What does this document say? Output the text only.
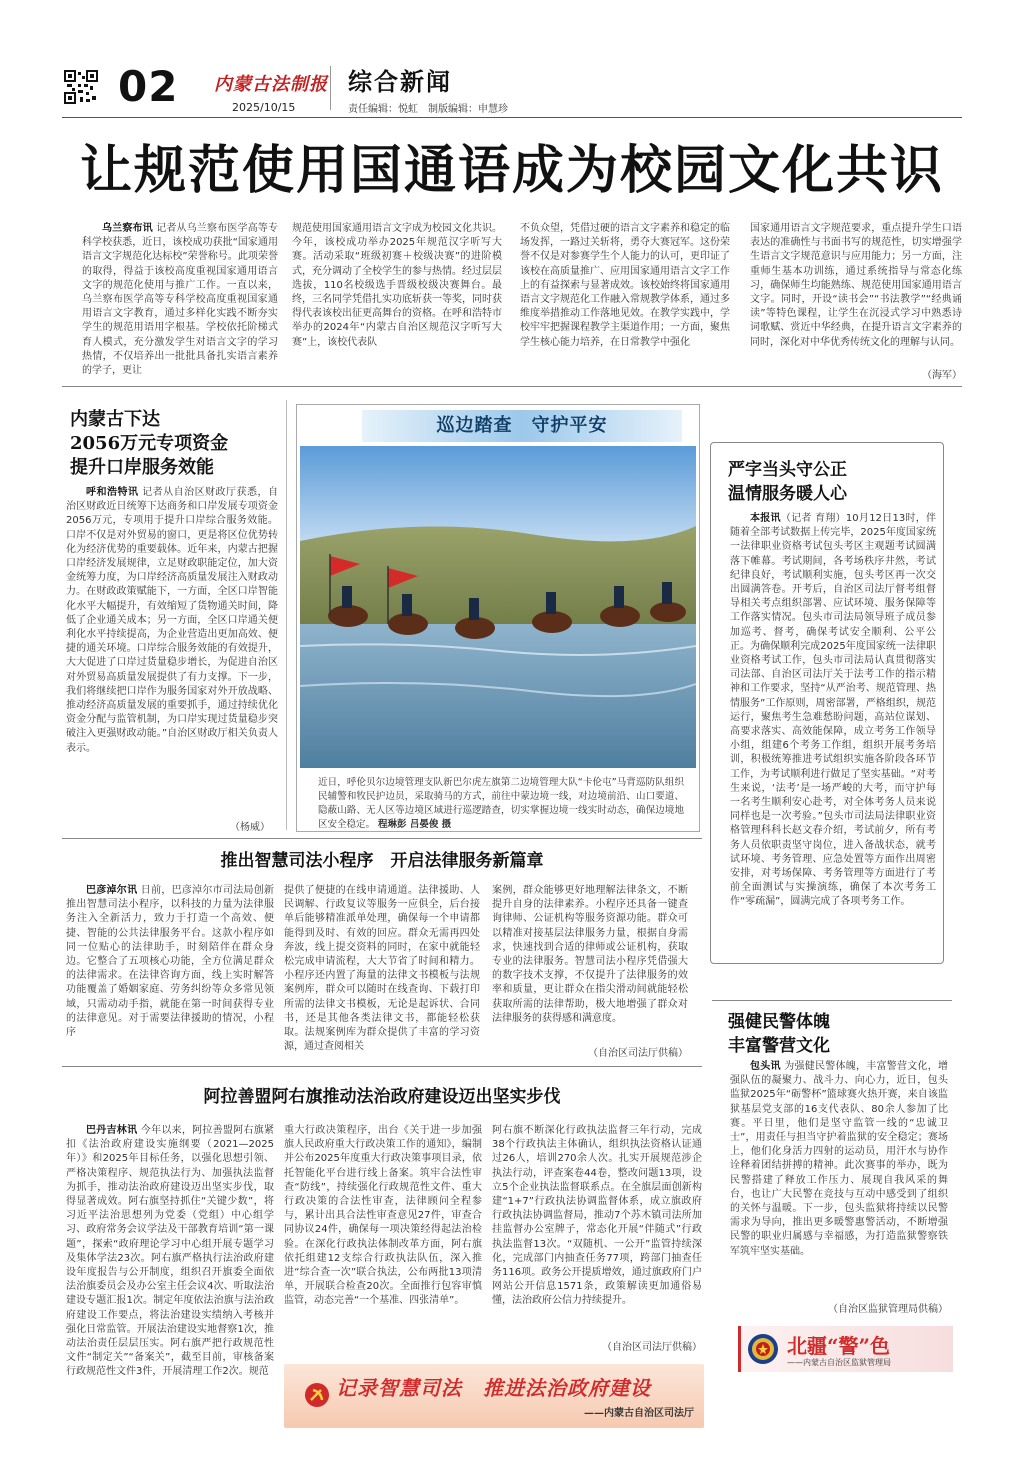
02 内蒙古法制报
2025/10/15
综合新闻
责任编辑：悦虹　制版编辑：申慧珍
让规范使用国通语成为校园文化共识

乌兰察布讯 记者从乌兰察布医学高等专科学校获悉，近日，该校成功获批“国家通用语言文字规范化达标校”荣誉称号。此项荣誉的取得，得益于该校高度重视国家通用语言文字的规范化使用与推广工作。一直以来，乌兰察布医学高等专科学校高度重视国家通用语言文字教育，通过多样化实践不断夯实学生的规范用语用字根基。学校依托阶梯式育人模式，充分激发学生对语言文字的学习热情，不仅培养出一批批具备扎实语言素养的学子，更让

规范使用国家通用语言文字成为校园文化共识。今年，该校成功举办2025年规范汉字听写大赛。活动采取“班级初赛＋校级决赛”的进阶模式，充分调动了全校学生的参与热情。经过层层选拔，110名校级选手晋级校级决赛舞台。最终，三名同学凭借扎实功底斩获一等奖，同时获得代表该校出征更高舞台的资格。在呼和浩特市举办的2024年“内蒙古自治区规范汉字听写大赛”上，该校代表队

不负众望，凭借过硬的语言文字素养和稳定的临场发挥，一路过关斩将，勇夺大赛冠军。这份荣誉不仅是对参赛学生个人能力的认可，更印证了该校在高质量推广、应用国家通用语言文字工作上的有益探索与显著成效。该校始终将国家通用语言文字规范化工作融入常规教学体系，通过多维度举措推动工作落地见效。在教学实践中，学校牢牢把握课程教学主渠道作用；一方面，聚焦学生核心能力培养，在日常教学中强化

国家通用语言文字规范要求，重点提升学生口语表达的准确性与书面书写的规范性，切实增强学生语言文字规范意识与应用能力；另一方面，注重师生基本功训练，通过系统指导与常态化练习，确保师生均能熟练、规范使用国家通用语言文字。同时，开设“读书会”“书法教学”“经典诵读”等特色课程，让学生在沉浸式学习中熟悉诗词歌赋、赏近中华经典，在提升语言文字素养的同时，深化对中华优秀传统文化的理解与认同。

（海军）
内蒙古下达
2056万元专项资金
提升口岸服务效能

呼和浩特讯 记者从自治区财政厅获悉，自治区财政近日统筹下达商务和口岸发展专项资金2056万元，专项用于提升口岸综合服务效能。口岸不仅是对外贸易的窗口，更是将区位优势转化为经济优势的重要载体。近年来，内蒙古把握口岸经济发展规律，立足财政职能定位，加大资金统筹力度，为口岸经济高质量发展注入财政动力。在财政政策赋能下，一方面，全区口岸智能化水平大幅提升，有效缩短了货物通关时间，降低了企业通关成本；另一方面，全区口岸通关便利化水平持续提高，为企业营造出更加高效、便捷的通关环境。口岸综合服务效能的有效提升，大大促进了口岸过货量稳步增长，为促进自治区对外贸易高质量发展提供了有力支撑。下一步，我们将继续把口岸作为服务国家对外开放战略、推动经济高质量发展的重要抓手，通过持续优化资金分配与监管机制，为口岸实现过货量稳步突破注入更强财政动能。”自治区财政厅相关负责人表示。

（杨威）
巡边踏查　守护平安
近日，呼伦贝尔边境管理支队新巴尔虎左旗第二边境管理大队“卡伦屯”马背巡防队组织民辅警和牧民护边员，采取骑马的方式，前往中蒙边境一线，对边境前沿、山口要道、隐蔽山路、无人区等边境区域进行巡逻踏查，切实掌握边境一线实时动态，确保边境地区安全稳定。 程琳彭 吕晏俊 摄
严字当头守公正
温情服务暖人心

本报讯（记者 育翔）10月12日13时，伴随着全部考试数据上传完毕，2025年度国家统一法律职业资格考试包头考区主观题考试圆满落下帷幕。考试期间，各考场秩序井然，考试纪律良好，考试顺利实施，包头考区再一次交出圆满答卷。开考后，自治区司法厅督考组督导相关考点组织部署、应试环境、服务保障等工作落实情况。包头市司法局领导班子成员参加巡考、督考，确保考试安全顺利、公平公正。为确保顺利完成2025年度国家统一法律职业资格考试工作，包头市司法局认真贯彻落实司法部、自治区司法厅关于法考工作的指示精神和工作要求，坚持“从严治考、规范管理、热情服务”工作原则，周密部署，严格组织，规范运行，聚焦考生急难愁盼问题，高站位谋划、高要求落实、高效能保障，成立考务工作领导小组，组建6个考务工作组，组织开展考务培训，积极统筹推进考试组织实施各阶段各环节工作，为考试顺利进行做足了坚实基础。“对考生来说，‘法考’是一场严峻的大考，而守护每一名考生顺利安心赴考，对全体考务人员来说同样也是一次考验。”包头市司法局法律职业资格管理科科长赵文春介绍，考试前夕，所有考务人员依职责坚守岗位，进入备战状态，就考试环境、考务管理、应急处置等方面作出周密安排，对考场保障、考务管理等方面进行了考前全面测试与实操演练，确保了本次考务工作“零疏漏”，圆满完成了各项考务工作。

推出智慧司法小程序　开启法律服务新篇章

巴彦淖尔讯 日前，巴彦淖尔市司法局创新推出智慧司法小程序，以科技的力量为法律服务注入全新活力，致力于打造一个高效、便捷、智能的公共法律服务平台。这款小程序如同一位贴心的法律助手，时刻陪伴在群众身边。它整合了五项核心功能，全方位满足群众的法律需求。在法律咨询方面，线上实时解答功能覆盖了婚姻家庭、劳务纠纷等众多常见领域，只需动动手指，就能在第一时间获得专业的法律意见。对于需要法律援助的情况，小程序

提供了便捷的在线申请通道。法律援助、人民调解、行政复议等服务一应俱全，后台接单后能够精准派单处理，确保每一个申请都能得到及时、有效的回应。群众无需再四处奔波，线上提交资料的同时，在家中就能轻松完成申请流程，大大节省了时间和精力。小程序还内置了海量的法律文书模板与法规案例库，群众可以随时在线查询、下载打印所需的法律文书模板，无论是起诉状、合同书，还是其他各类法律文书，都能轻松获取。法规案例库为群众提供了丰富的学习资源，通过查阅相关

案例，群众能够更好地理解法律条文，不断提升自身的法律素养。小程序还具备一键查询律师、公证机构等服务资源功能。群众可以精准对接基层法律服务力量，根据自身需求，快速找到合适的律师或公证机构，获取专业的法律服务。智慧司法小程序凭借强大的数字技术支撑，不仅提升了法律服务的效率和质量，更让群众在指尖滑动间就能轻松获取所需的法律帮助，极大地增强了群众对法律服务的获得感和满意度。

（自治区司法厅供稿）
强健民警体魄
丰富警营文化

包头讯 为强健民警体魄，丰富警营文化，增强队伍的凝聚力、战斗力、向心力，近日，包头监狱2025年“砺警杯”篮球赛火热开赛，来自该监狱基层党支部的16支代表队、80余人参加了比赛。平日里，他们是坚守监管一线的“忠诚卫士”，用责任与担当守护着监狱的安全稳定；赛场上，他们化身活力四射的运动员，用汗水与协作诠释着团结拼搏的精神。此次赛事的举办，既为民警搭建了释放工作压力、展现自我风采的舞台，也让广大民警在竞技与互动中感受到了组织的关怀与温暖。下一步，包头监狱将持续以民警需求为导向，推出更多暖警惠警活动，不断增强民警的职业归属感与幸福感，为打造监狱警察铁军筑牢坚实基础。

（自治区监狱管理局供稿）
阿拉善盟阿右旗推动法治政府建设迈出坚实步伐

巴丹吉林讯 今年以来，阿拉善盟阿右旗紧扣《法治政府建设实施纲要（2021—2025年）》和2025年目标任务，以强化思想引领、严格决策程序、规范执法行为、加强执法监督为抓手，推动法治政府建设迈出坚实步伐，取得显著成效。阿右旗坚持抓住“关键少数”，将习近平法治思想列为党委（党组）中心组学习、政府常务会议学法及干部教育培训“第一课题”，探索“政府理论学习中心组开展专题学习及集体学法23次。阿右旗严格执行法治政府建设年度报告与公开制度，组织召开旗委全面依法治旗委员会及办公室主任会议4次、听取法治建设专题汇报1次。制定年度依法治旗与法治政府建设工作要点，将法治建设实绩纳入考核并强化日常监管。开展法治建设实地督察1次，推动法治责任层层压实。阿右旗严把行政规范性文件“制定关”“备案关”，截至目前，审核备案行政规范性文件3件，开展清理工作2次。规范

重大行政决策程序，出台《关于进一步加强旗人民政府重大行政决策工作的通知》，编制并公布2025年度重大行政决策事项目录，依托智能化平台进行线上备案。筑牢合法性审查“防线”，持续强化行政规范性文件、重大行政决策的合法性审查，法律顾问全程参与，累计出具合法性审查意见27件，审查合同协议24件，确保每一项决策经得起法治检验。在深化行政执法体制改革方面，阿右旗依托组建12支综合行政执法队伍，深入推进“综合查一次”联合执法，公布两批13项清单，开展联合检查20次。全面推行包容审慎监管，动态完善“一个基准、四张清单”。

阿右旗不断深化行政执法监督三年行动，完成38个行政执法主体确认，组织执法资格认证通过26人，培训270余人次。扎实开展规范涉企执法行动，评查案卷44卷，整改问题13项，设立5个企业执法监督联系点。在全旗层面创新构建“1+7”行政执法协调监督体系，成立旗政府行政执法协调监督局，推动7个苏木镇司法所加挂监督办公室牌子，常态化开展“伴随式”行政执法监督13次。“双随机、一公开”监管持续深化，完成部门内抽查任务77项，跨部门抽查任务116项。政务公开提质增效，通过旗政府门户网站公开信息1571条，政策解读更加通俗易懂，法治政府公信力持续提升。

（自治区司法厅供稿）
记录智慧司法　推进法治政府建设
——内蒙古自治区司法厅
北疆“警”色
——内蒙古自治区监狱管理局
